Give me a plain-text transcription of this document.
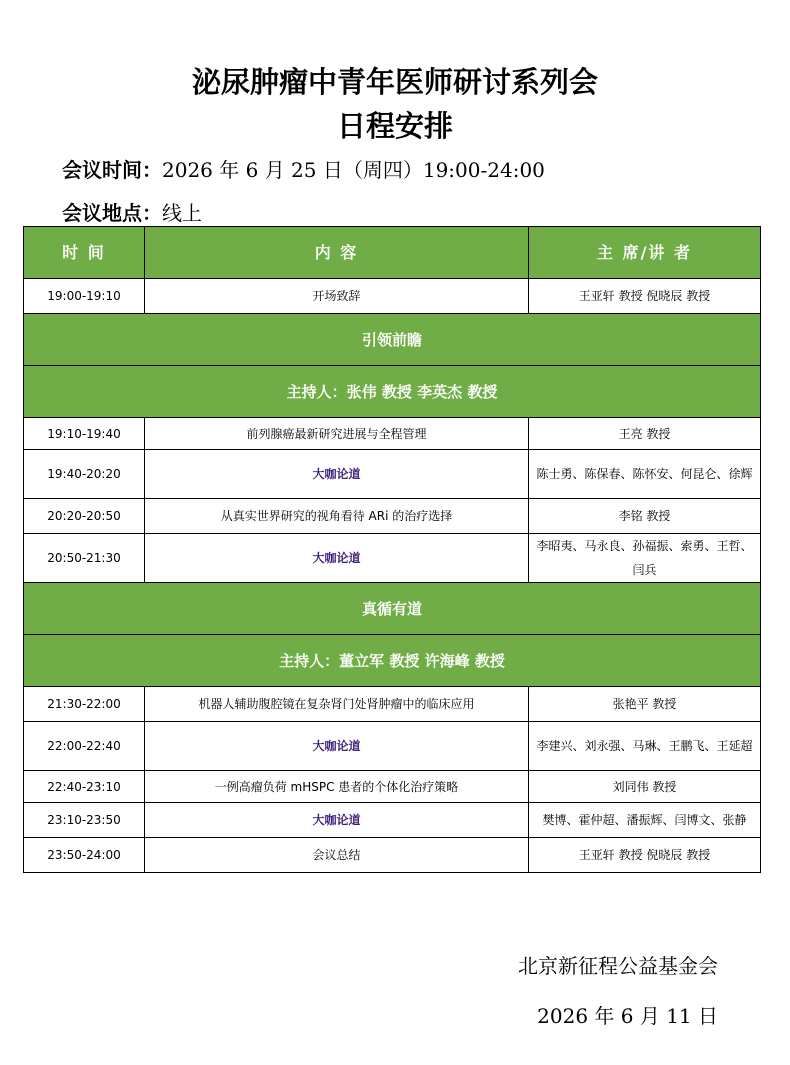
泌尿肿瘤中青年医师研讨系列会
日程安排
会议时间：2026 年 6 月 25 日（周四）19:00-24:00
会议地点：线上
时 间	内 容	主 席/讲 者
19:00-19:10	开场致辞	王亚轩 教授 倪晓辰 教授
引领前瞻		
主持人：张伟 教授 李英杰 教授		
19:10-19:40	前列腺癌最新研究进展与全程管理	王亮 教授
19:40-20:20	大咖论道	陈士勇、陈保春、陈怀安、何昆仑、徐辉
20:20-20:50	从真实世界研究的视角看待 ARi 的治疗选择	李铭 教授
20:50-21:30	大咖论道	李昭夷、马永良、孙福振、索勇、王哲、闫兵
真循有道		
主持人：董立军 教授 许海峰 教授		
21:30-22:00	机器人辅助腹腔镜在复杂肾门处肾肿瘤中的临床应用	张艳平 教授
22:00-22:40	大咖论道	李建兴、刘永强、马琳、王鹏飞、王延超
22:40-23:10	一例高瘤负荷 mHSPC 患者的个体化治疗策略	刘同伟 教授
23:10-23:50	大咖论道	樊博、霍仲超、潘振辉、闫博文、张静
23:50-24:00	会议总结	王亚轩 教授 倪晓辰 教授
北京新征程公益基金会
2026 年 6 月 11 日
